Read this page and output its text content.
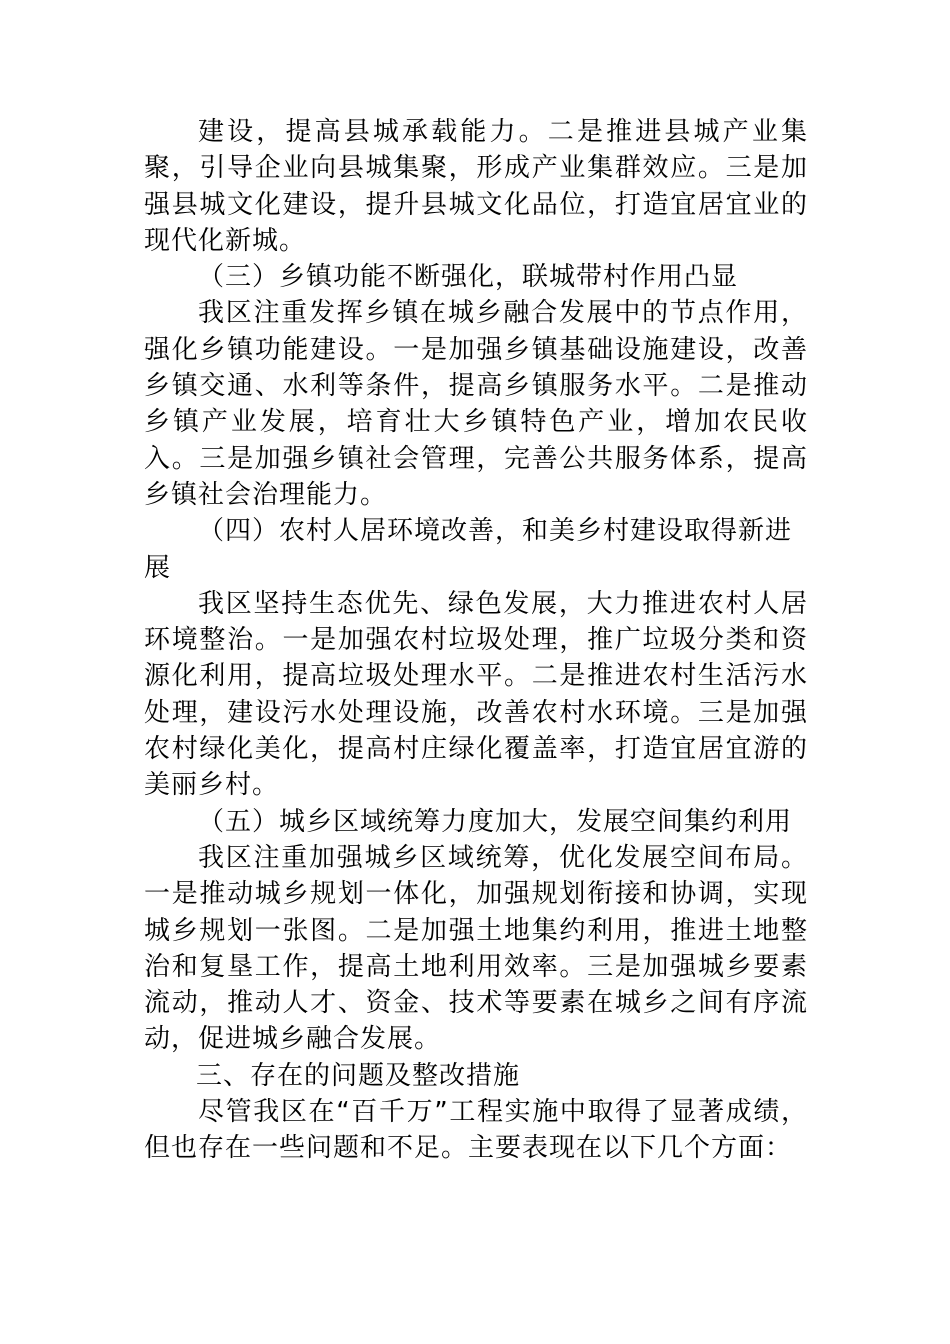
建设，提高县城承载能力。二是推进县城产业集聚，引导企业向县城集聚，形成产业集群效应。三是加强县城文化建设，提升县城文化品位，打造宜居宜业的现代化新城。

（三）乡镇功能不断强化，联城带村作用凸显

我区注重发挥乡镇在城乡融合发展中的节点作用，强化乡镇功能建设。一是加强乡镇基础设施建设，改善乡镇交通、水利等条件，提高乡镇服务水平。二是推动乡镇产业发展，培育壮大乡镇特色产业，增加农民收入。三是加强乡镇社会管理，完善公共服务体系，提高乡镇社会治理能力。

（四）农村人居环境改善，和美乡村建设取得新进展

我区坚持生态优先、绿色发展，大力推进农村人居环境整治。一是加强农村垃圾处理，推广垃圾分类和资源化利用，提高垃圾处理水平。二是推进农村生活污水处理，建设污水处理设施，改善农村水环境。三是加强农村绿化美化，提高村庄绿化覆盖率，打造宜居宜游的美丽乡村。

（五）城乡区域统筹力度加大，发展空间集约利用

我区注重加强城乡区域统筹，优化发展空间布局。一是推动城乡规划一体化，加强规划衔接和协调，实现城乡规划一张图。二是加强土地集约利用，推进土地整治和复垦工作，提高土地利用效率。三是加强城乡要素流动，推动人才、资金、技术等要素在城乡之间有序流动，促进城乡融合发展。

三、存在的问题及整改措施

尽管我区在“百千万”工程实施中取得了显著成绩，但也存在一些问题和不足。主要表现在以下几个方面：
